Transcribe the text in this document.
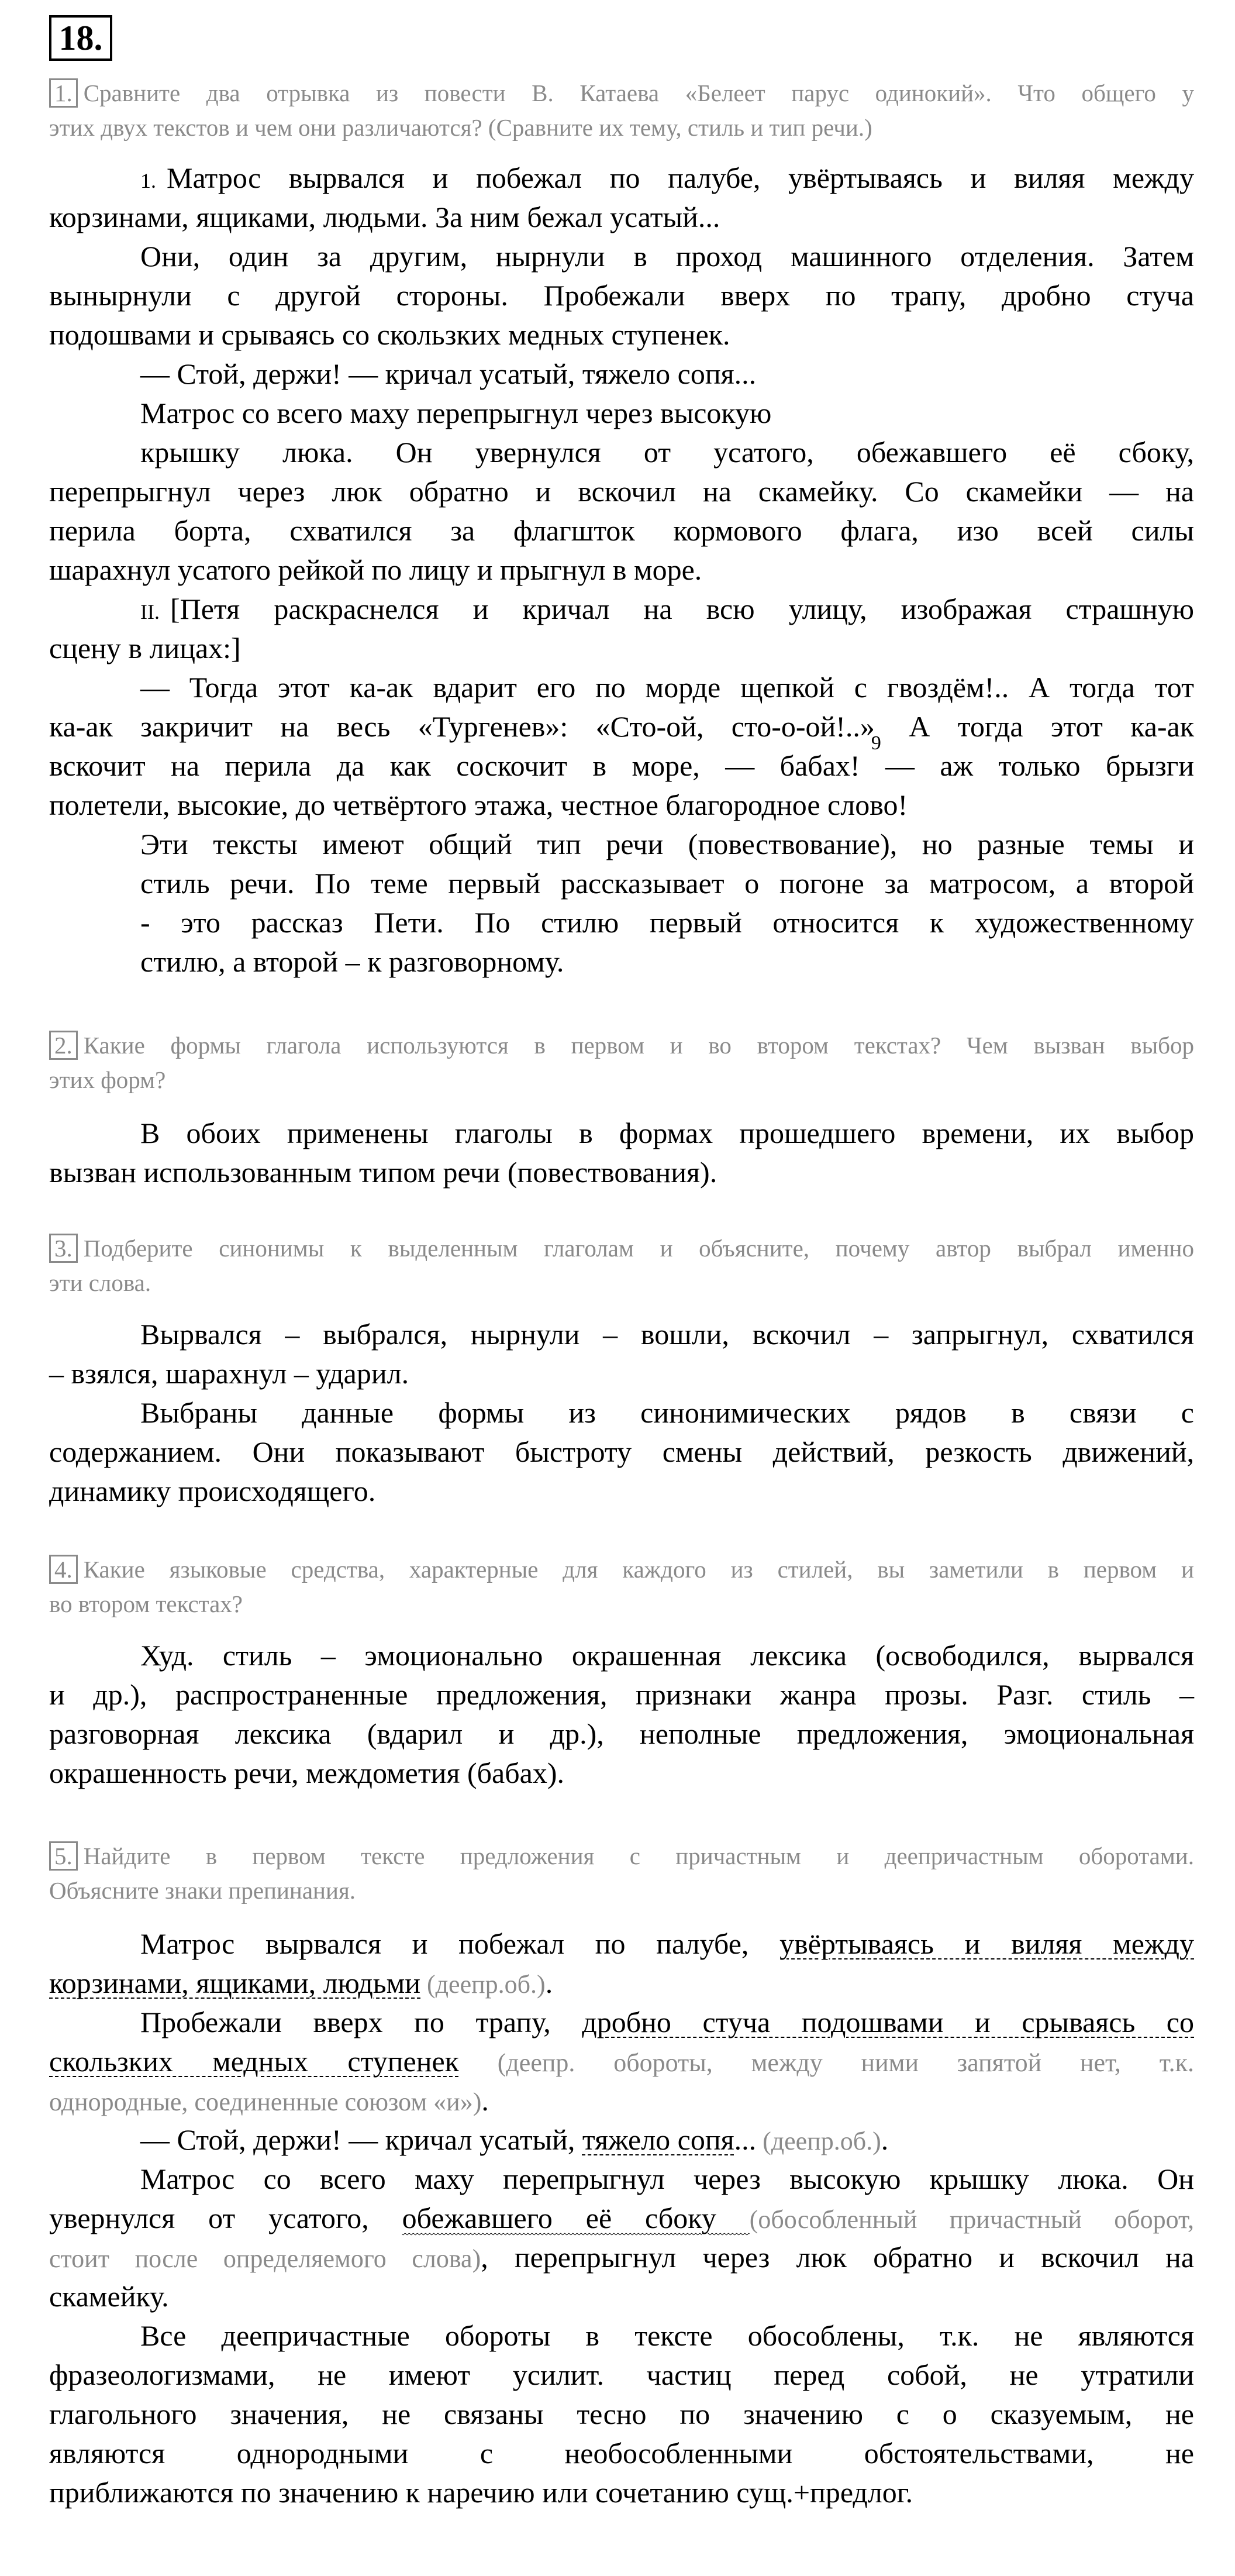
18.
1. Сравните два отрывка из повести В. Катаева «Белеет парус одинокий». Что общего у
этих двух текстов и чем они различаются? (Сравните их тему, стиль и тип речи.)
1. Матрос вырвался и побежал по палубе, увёртываясь и виляя между
корзинами, ящиками, людьми. За ним бежал усатый...
Они, один за другим, нырнули в проход машинного отделения. Затем
вынырнули с другой стороны. Пробежали вверх по трапу, дробно стуча
подошвами и срываясь со скользких медных ступенек.
— Стой, держи! — кричал усатый, тяжело сопя...
Матрос со всего маху перепрыгнул через высокую
крышку люка. Он увернулся от усатого, обежавшего её сбоку,
перепрыгнул через люк обратно и вскочил на скамейку. Со скамейки — на
перила борта, схватился за флагшток кормового флага, изо всей силы
шарахнул усатого рейкой по лицу и прыгнул в море.
II. [Петя раскраснелся и кричал на всю улицу, изображая страшную
сцену в лицах:]
— Тогда этот ка-ак вдарит его по морде щепкой с гвоздём!.. А тогда тот
ка-ак закричит на весь «Тургенев»: «Сто-ой, сто-$о-ой!..»_9$ А тогда этот ка-ак
вскочит на перила да как соскочит в море, — бабах! — аж только брызги
полетели, высокие, до четвёртого этажа, честное благородное слово!
Эти тексты имеют общий тип речи (повествование), но разные темы и
стиль речи. По теме первый рассказывает о погоне за матросом, а второй
- это рассказ Пети. По стилю первый относится к художественному
стилю, а второй – к разговорному.
2. Какие формы глагола используются в первом и во втором текстах? Чем вызван выбор
этих форм?
В обоих применены глаголы в формах прошедшего времени, их выбор
вызван использованным типом речи (повествования).
3. Подберите синонимы к выделенным глаголам и объясните, почему автор выбрал именно
эти слова.
Вырвался – выбрался, нырнули – вошли, вскочил – запрыгнул, схватился
– взялся, шарахнул – ударил.
Выбраны данные формы из синонимических рядов в связи с
содержанием. Они показывают быстроту смены действий, резкость движений,
динамику происходящего.
4. Какие языковые средства, характерные для каждого из стилей, вы заметили в первом и
во втором текстах?
Худ. стиль – эмоционально окрашенная лексика (освободился, вырвался
и др.), распространенные предложения, признаки жанра прозы. Разг. стиль –
разговорная лексика (вдарил и др.), неполные предложения, эмоциональная
окрашенность речи, междометия (бабах).
5. Найдите в первом тексте предложения с причастным и деепричастным оборотами.
Объясните знаки препинания.
Матрос вырвался и побежал по палубе, увёртываясь и виляя между
корзинами, ящиками, людьми (деепр.об.).
Пробежали вверх по трапу, дробно стуча подошвами и срываясь со
скользких медных ступенек (деепр. обороты, между ними запятой нет, т.к.
однородные, соединенные союзом «и»).
— Стой, держи! — кричал усатый, тяжело сопя... (деепр.об.).
Матрос со всего маху перепрыгнул через высокую крышку люка. Он
увернулся от усатого, обежавшего её сбоку (обособленный причастный оборот,
стоит после определяемого слова), перепрыгнул через люк обратно и вскочил на
скамейку.
Все деепричастные обороты в тексте обособлены, т.к. не являются
фразеологизмами, не имеют усилит. частиц перед собой, не утратили
глагольного значения, не связаны тесно по значению с о сказуемым, не
являются однородными с необособленными обстоятельствами, не
приближаются по значению к наречию или сочетанию сущ.+предлог.
